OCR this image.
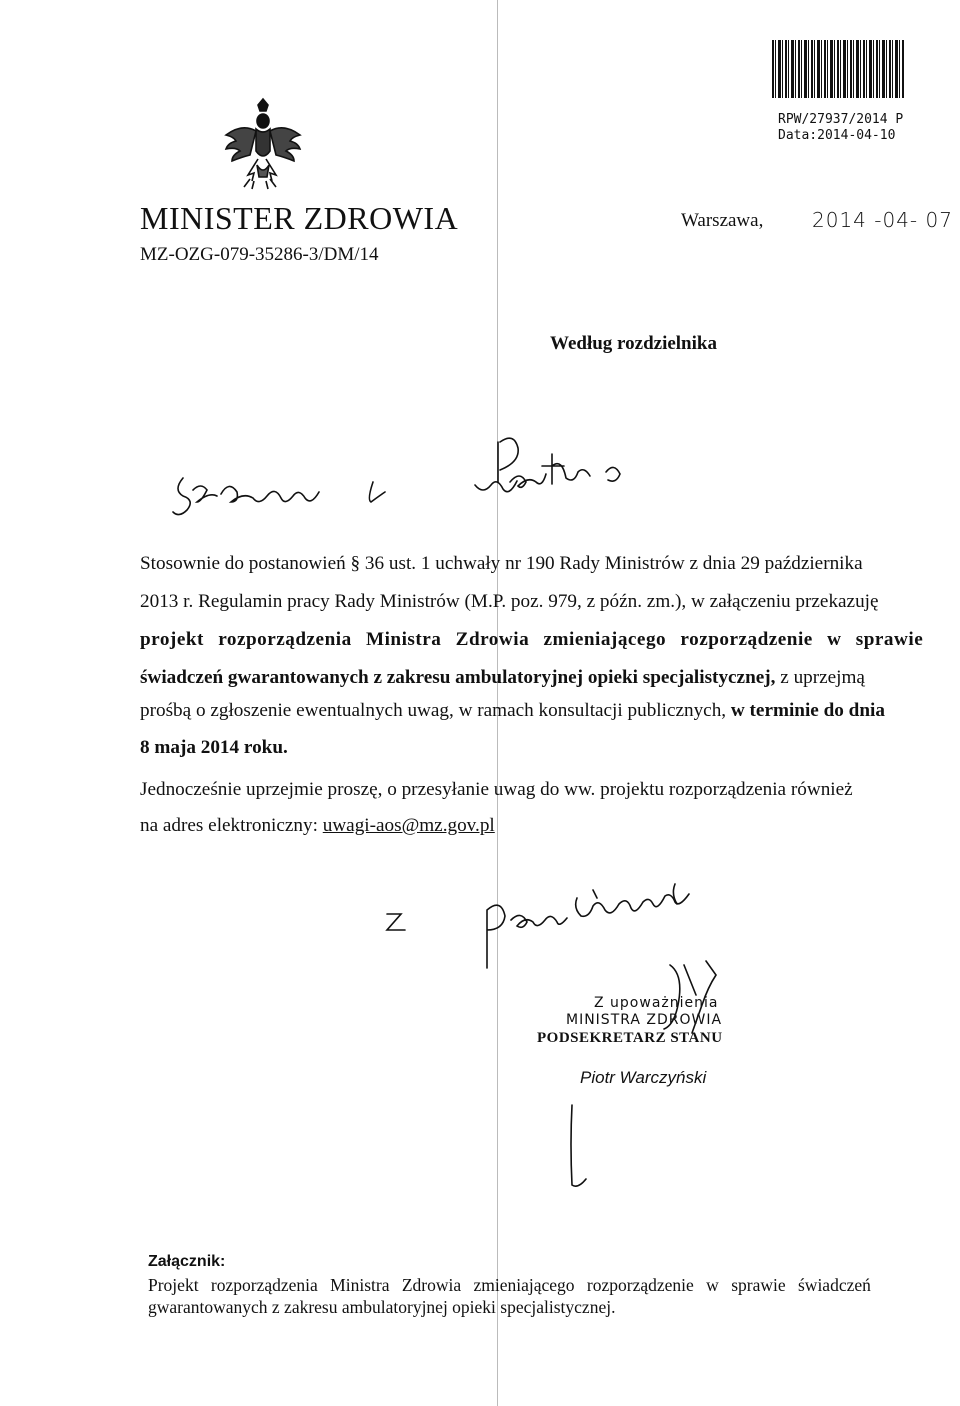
RPW/27937/2014 P
Data:2014-04-10
MINISTER ZDROWIA
MZ-OZG-079-35286-3/DM/14
Warszawa, 2014 -04- 07
Według rozdzielnika
Stosownie do postanowień § 36 ust. 1 uchwały nr 190 Rady Ministrów z dnia 29 października
2013 r. Regulamin pracy Rady Ministrów (M.P. poz. 979, z późn. zm.), w załączeniu przekazuję
projekt rozporządzenia Ministra Zdrowia zmieniającego rozporządzenie w sprawie
świadczeń gwarantowanych z zakresu ambulatoryjnej opieki specjalistycznej, z uprzejmą
prośbą o zgłoszenie ewentualnych uwag, w ramach konsultacji publicznych, w terminie do dnia
8 maja 2014 roku.
Jednocześnie uprzejmie proszę, o przesyłanie uwag do ww. projektu rozporządzenia również
na adres elektroniczny: uwagi-aos@mz.gov.pl
Z upoważnienia
MINISTRA ZDROWIA
PODSEKRETARZ STANU
Piotr Warczyński
Załącznik:
Projekt rozporządzenia Ministra Zdrowia zmieniającego rozporządzenie w sprawie świadczeń
gwarantowanych z zakresu ambulatoryjnej opieki specjalistycznej.
